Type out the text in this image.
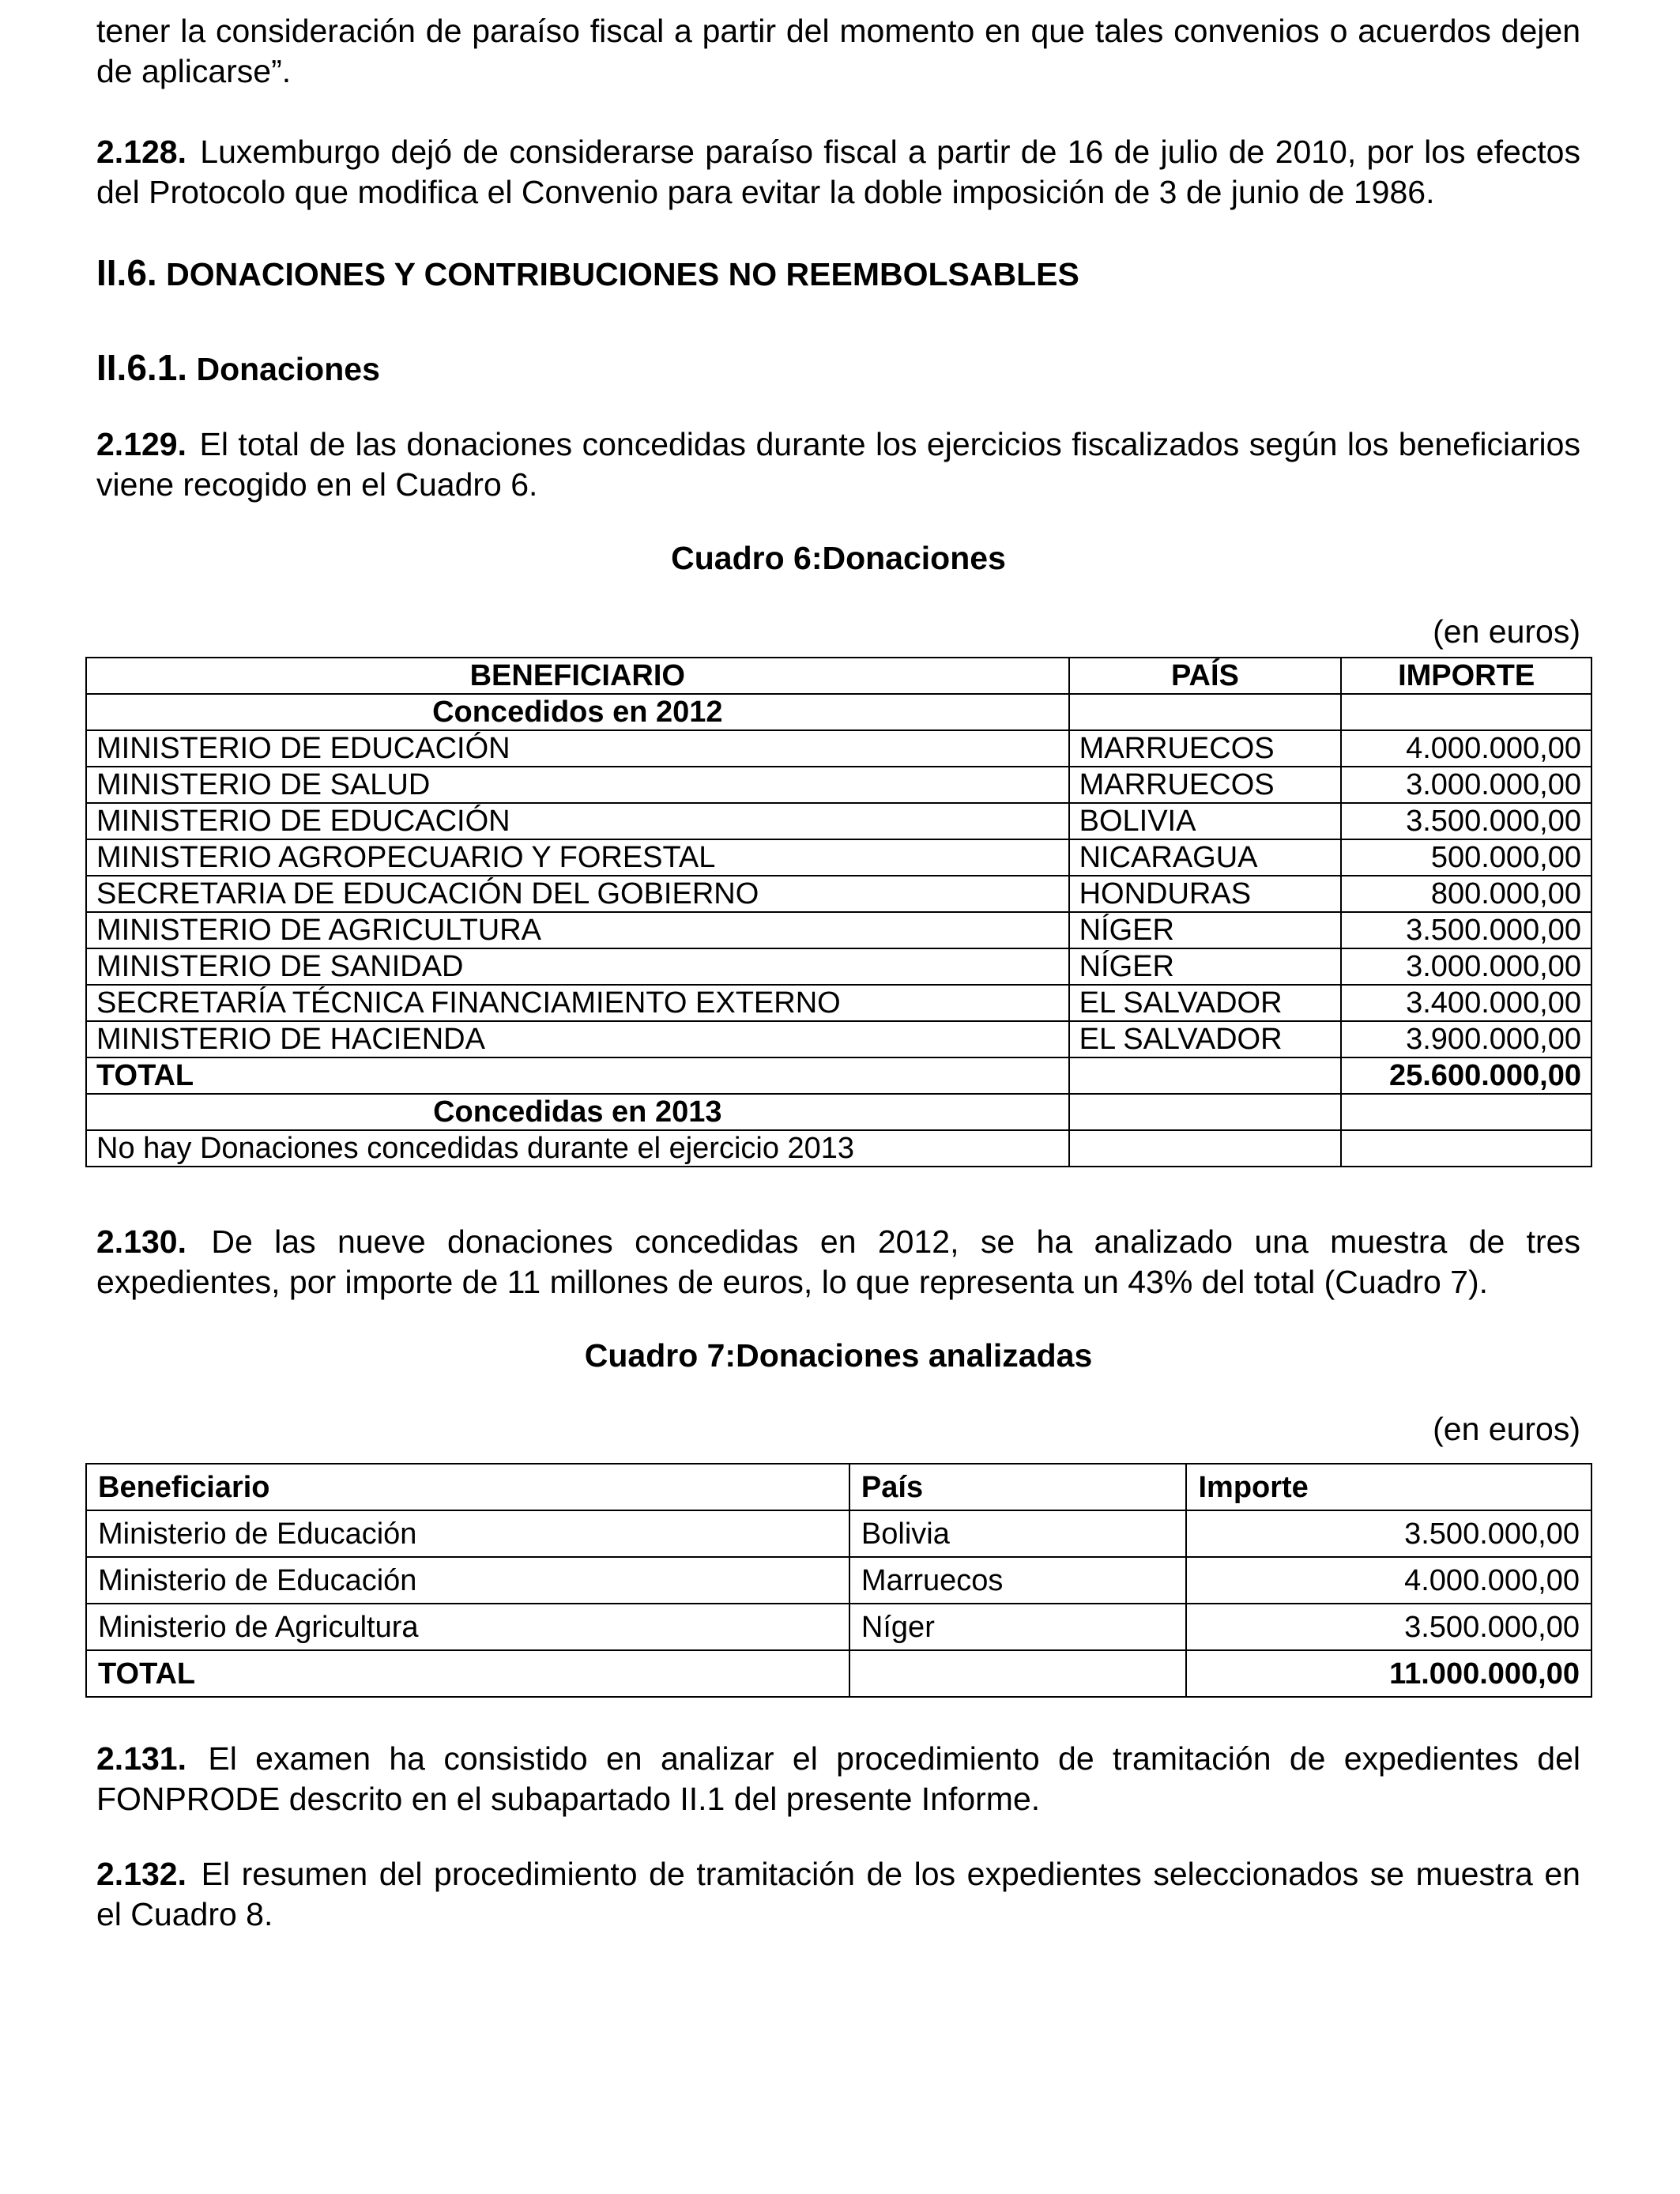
tener la consideración de paraíso fiscal a partir del momento en que tales convenios o acuerdos dejen de aplicarse”.

2.128. Luxemburgo dejó de considerarse paraíso fiscal a partir de 16 de julio de 2010, por los efectos del Protocolo que modifica el Convenio para evitar la doble imposición de 3 de junio de 1986.

II.6. DONACIONES Y CONTRIBUCIONES NO REEMBOLSABLES
II.6.1. Donaciones

2.129. El total de las donaciones concedidas durante los ejercicios fiscalizados según los beneficiarios viene recogido en el Cuadro 6.

Cuadro 6:Donaciones
(en euros)
BENEFICIARIO	PAÍS	IMPORTE
Concedidos en 2012		
MINISTERIO DE EDUCACIÓN	MARRUECOS	4.000.000,00
MINISTERIO DE SALUD	MARRUECOS	3.000.000,00
MINISTERIO DE EDUCACIÓN	BOLIVIA	3.500.000,00
MINISTERIO AGROPECUARIO Y FORESTAL	NICARAGUA	500.000,00
SECRETARIA DE EDUCACIÓN DEL GOBIERNO	HONDURAS	800.000,00
MINISTERIO DE AGRICULTURA	NÍGER	3.500.000,00
MINISTERIO DE SANIDAD	NÍGER	3.000.000,00
SECRETARÍA TÉCNICA FINANCIAMIENTO EXTERNO	EL SALVADOR	3.400.000,00
MINISTERIO DE HACIENDA	EL SALVADOR	3.900.000,00
TOTAL		25.600.000,00
Concedidas en 2013		
No hay Donaciones concedidas durante el ejercicio 2013		

2.130. De las nueve donaciones concedidas en 2012, se ha analizado una muestra de tres expedientes, por importe de 11 millones de euros, lo que representa un 43% del total (Cuadro 7).

Cuadro 7:Donaciones analizadas
(en euros)
Beneficiario	País	Importe
Ministerio de Educación	Bolivia	3.500.000,00
Ministerio de Educación	Marruecos	4.000.000,00
Ministerio de Agricultura	Níger	3.500.000,00
TOTAL		11.000.000,00

2.131. El examen ha consistido en analizar el procedimiento de tramitación de expedientes del FONPRODE descrito en el subapartado II.1 del presente Informe.

2.132. El resumen del procedimiento de tramitación de los expedientes seleccionados se muestra en el Cuadro 8.
